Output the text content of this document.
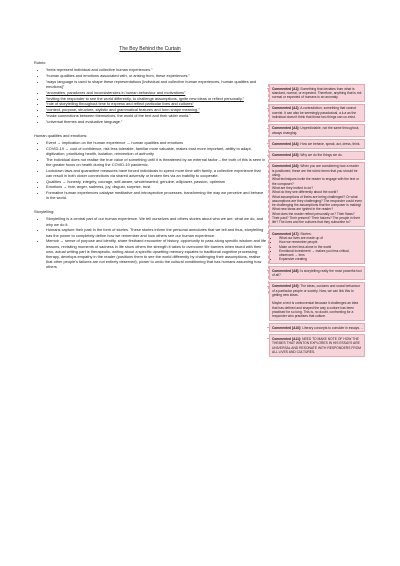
The Boy Behind the Curtain
Rubric:
• “texts represent individual and collective human experiences.”
• “human qualities and emotions associated with, or arising from, these experiences.”
• “ways language is used to shape these representations [individual and collective human experiences, human qualities and emotions]”
• “anomalies, paradoxes and inconsistencies in human behaviour and motivations”
• “inviting the responder to see the world differently, to challenge assumptions, ignite new ideas or reflect personally.”
• “role of storytelling throughout time to express and reflect particular lives and cultures”
• “context, purpose, structure, stylistic and grammatical features and form shape meaning.”
• “make connections between themselves, the world of the text and their wider world.”
• “universal themes and evaluative language.”
Human qualities and emotions:
• Event → implication on the human experience → human qualities and emotions
• COVID-19 → cost of confidence, risk less tolerable, familiar more valuable, makes trust more important, ability to adapt, digitization, prioritizing health, isolation, reinvention of authority
• The individual does not realise the true value of something until it is threatened by an external factor – the truth of this is seen in the greater focus on health during the COVID-19 pandemic.
• Lockdown laws and quarantine measures have forced individuals to spend more time with family, a collective experience that can result in both closer connections via shared adversity or broken ties via an inability to cooperate.
• Qualities → honesty, integrity, courage, self-aware, wholehearted, genuine, willpower, passion, optimism
• Emotions → fear, anger, sadness, joy, disgust, surprise, trust
• Formative human experiences catalyse meditative and introspective processes, transforming the way we perceive and behave in the world.
Storytelling:
• Storytelling is a central part of our human experience. We tell ourselves and others stories about who we are, what we do, and why we do it.
• Humans capture their past in the form of stories. These stories inform the personal anecdotes that we tell and thus, storytelling has the power to completely define how we remember and how others see our human experience.
• Memoir → sense of purpose and identity, share firsthand encounter of history, opportunity to pass along specific wisdom and life lessons, revisiting moments of sadness in life show others the strength it takes to overcome life barriers when faced with their own, actual writing part is therapeutic, writing about a specific upsetting memory equates to traditional cognitive processing therapy, develops empathy in the reader (positions them to see the world differently by challenging their assumptions, realise that other people's failures are not entirely deserved), power to undo the cultural conditioning that has humans assuming how others
Commented [A1]: Something that deviates from what is standard, normal, or expected. Therefore, anything that is not normal or expected of humans is an anomaly.
Commented [A2]: A contradiction, something that cannot coexist. It can also be seemingly paradoxical, a.k.a as the individual doesn't think that those two things can co-exist.
Commented [A3]: Unpredictable, not the same throughout, always changing.
Commented [A4]: How we behave, speak, act, dress, think.
Commented [A5]: Why we do the things we do.
Commented [A6]: When you are considering how a reader is positioned, these are the rubric terms that you should be using.
What techniques invite the reader to engage with the text or the composer?
What are they invited to do?
What do they see differently about the world?
What assumptions of theirs are being challenged? Or what assumptions are they challenging? The responder could even be challenging the assumptions that the composer is making!
What new ideas are ignited in the reader?
What does the reader reflect personally on? Their flaws? Their past? Their present? Their futures? The people in their life? The lives and the cultures that they subscribe to?
Commented [A7]: Stories:
• What our lives are made up of
• How we remember people
• Make us feel less alone in the world
• Emotional investment → makes you less critical, observant → lens
• Expansive creating
Commented [A8]: Is storytelling really the most powerful tool of all?
Commented [A9]: The ideas, customs and social behaviour of a particular people or society. Now, we can link this to getting new ideas.

Maybe a text is controversial because it challenges an idea that has defined and shaped the way a culture has been practised for so long. This is, no doubt, confronting for a responder who practises that culture.
Commented [A10]: Literary concepts to consider in essays. ⌐
Commented [A11]: NEED TO MAKE NOTE OF HOW THE THEMES THAT WINTON EXPLORES IN HIS ESSAYS ARE UNIVERSAL AND RESONATE WITH RESPONDERS FROM ALL LIVES AND CULTURES.
